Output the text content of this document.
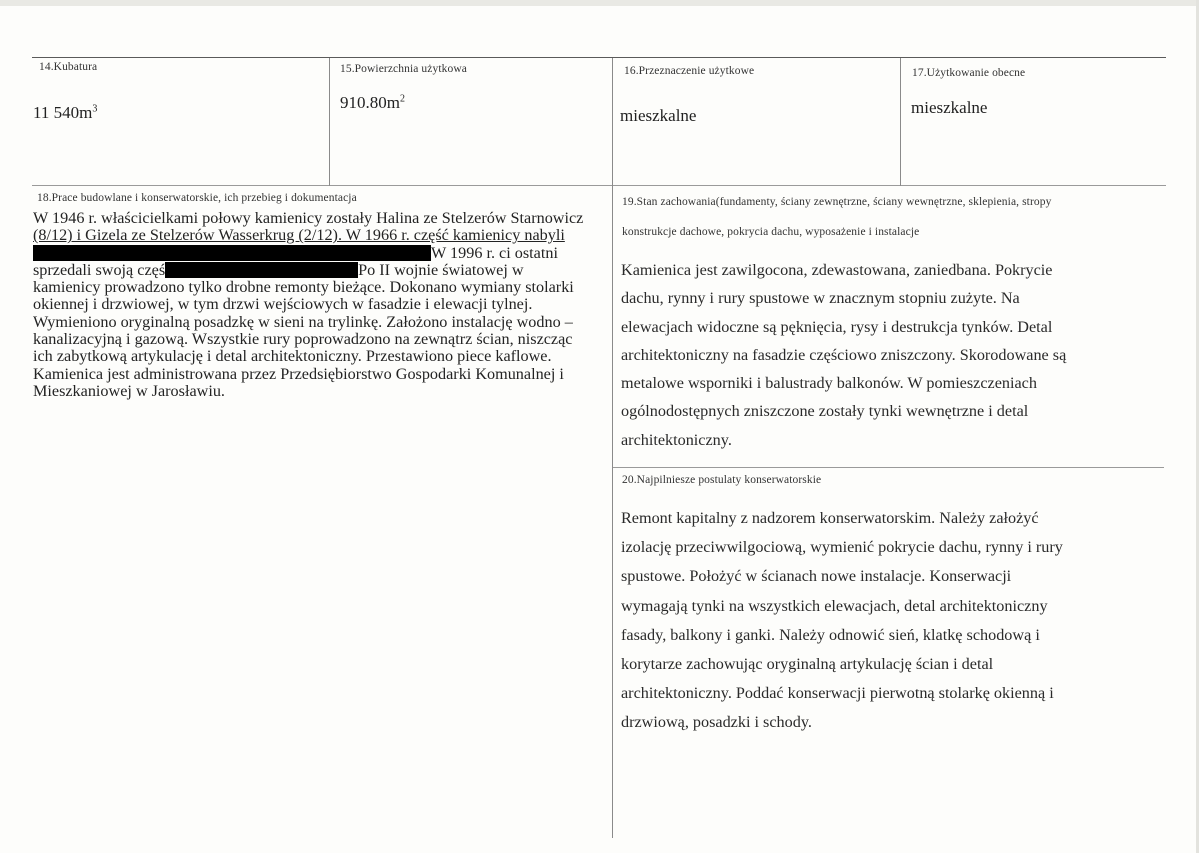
14.Kubatura
11 $540m^3$
15.Powierzchnia użytkowa
$910.80m^2$
16.Przeznaczenie użytkowe
mieszkalne
17.Użytkowanie obecne
mieszkalne
18.Prace budowlane i konserwatorskie, ich przebieg i dokumentacja

W 1946 r. właścicielkami połowy kamienicy zostały Halina ze Stelzerów Starnowicz

(8/12) i Gizela ze Stelzerów Wasserkrug (2/12). W 1966 r. część kamienicy nabyli

W 1996 r. ci ostatni

sprzedali swoją częś	Po II wojnie światowej w

kamienicy prowadzono tylko drobne remonty bieżące. Dokonano wymiany stolarki

okiennej i drzwiowej, w tym drzwi wejściowych w fasadzie i elewacji tylnej.

Wymieniono oryginalną posadzkę w sieni na trylinkę. Założono instalację wodno –

kanalizacyjną i gazową. Wszystkie rury poprowadzono na zewnątrz ścian, niszcząc

ich zabytkową artykulację i detal architektoniczny. Przestawiono piece kaflowe.

Kamienica jest administrowana przez Przedsiębiorstwo Gospodarki Komunalnej i

Mieszkaniowej w Jarosławiu.

19.Stan zachowania(fundamenty, ściany zewnętrzne, ściany wewnętrzne, sklepienia, stropy
konstrukcje dachowe, pokrycia dachu, wyposażenie i instalacje

Kamienica jest zawilgocona, zdewastowana, zaniedbana. Pokrycie

dachu, rynny i rury spustowe w znacznym stopniu zużyte. Na

elewacjach widoczne są pęknięcia, rysy i destrukcja tynków. Detal

architektoniczny na fasadzie częściowo zniszczony. Skorodowane są

metalowe wsporniki i balustrady balkonów. W pomieszczeniach

ogólnodostępnych zniszczone zostały tynki wewnętrzne i detal

architektoniczny.

20.Najpilniesze postulaty konserwatorskie

Remont kapitalny z nadzorem konserwatorskim. Należy założyć

izolację przeciwwilgociową, wymienić pokrycie dachu, rynny i rury

spustowe. Położyć w ścianach nowe instalacje. Konserwacji

wymagają tynki na wszystkich elewacjach, detal architektoniczny

fasady, balkony i ganki. Należy odnowić sień, klatkę schodową i

korytarze zachowując oryginalną artykulację ścian i detal

architektoniczny. Poddać konserwacji pierwotną stolarkę okienną i

drzwiową, posadzki i schody.
